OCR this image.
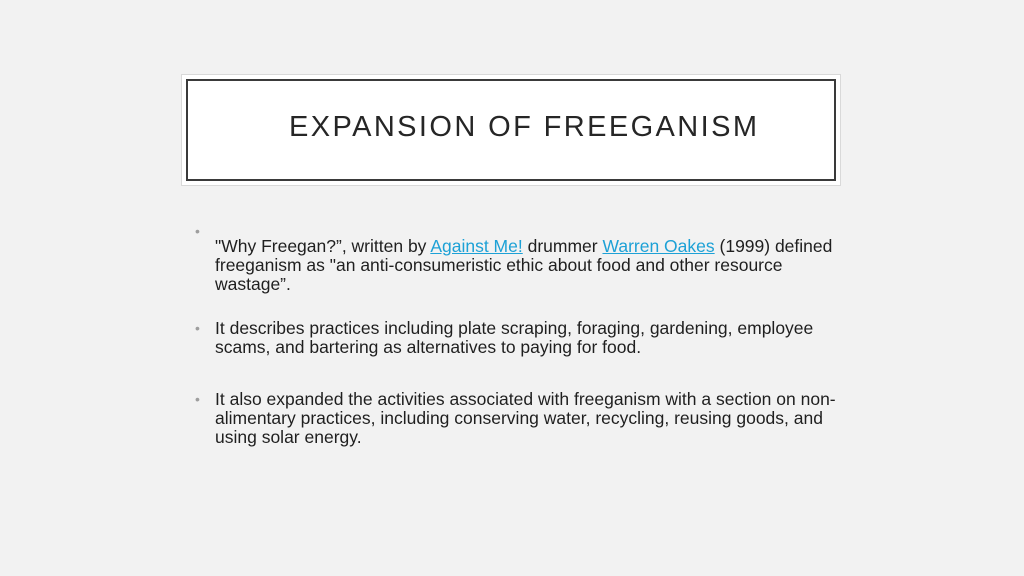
EXPANSION OF FREEGANISM
•
"Why Freegan?”, written by Against Me! drummer Warren Oakes (1999) defined freeganism as "an anti-consumeristic ethic about food and other resource wastage”.
• It describes practices including plate scraping, foraging, gardening, employee scams, and bartering as alternatives to paying for food.
• It also expanded the activities associated with freeganism with a section on non-alimentary practices, including conserving water, recycling, reusing goods, and using solar energy.
